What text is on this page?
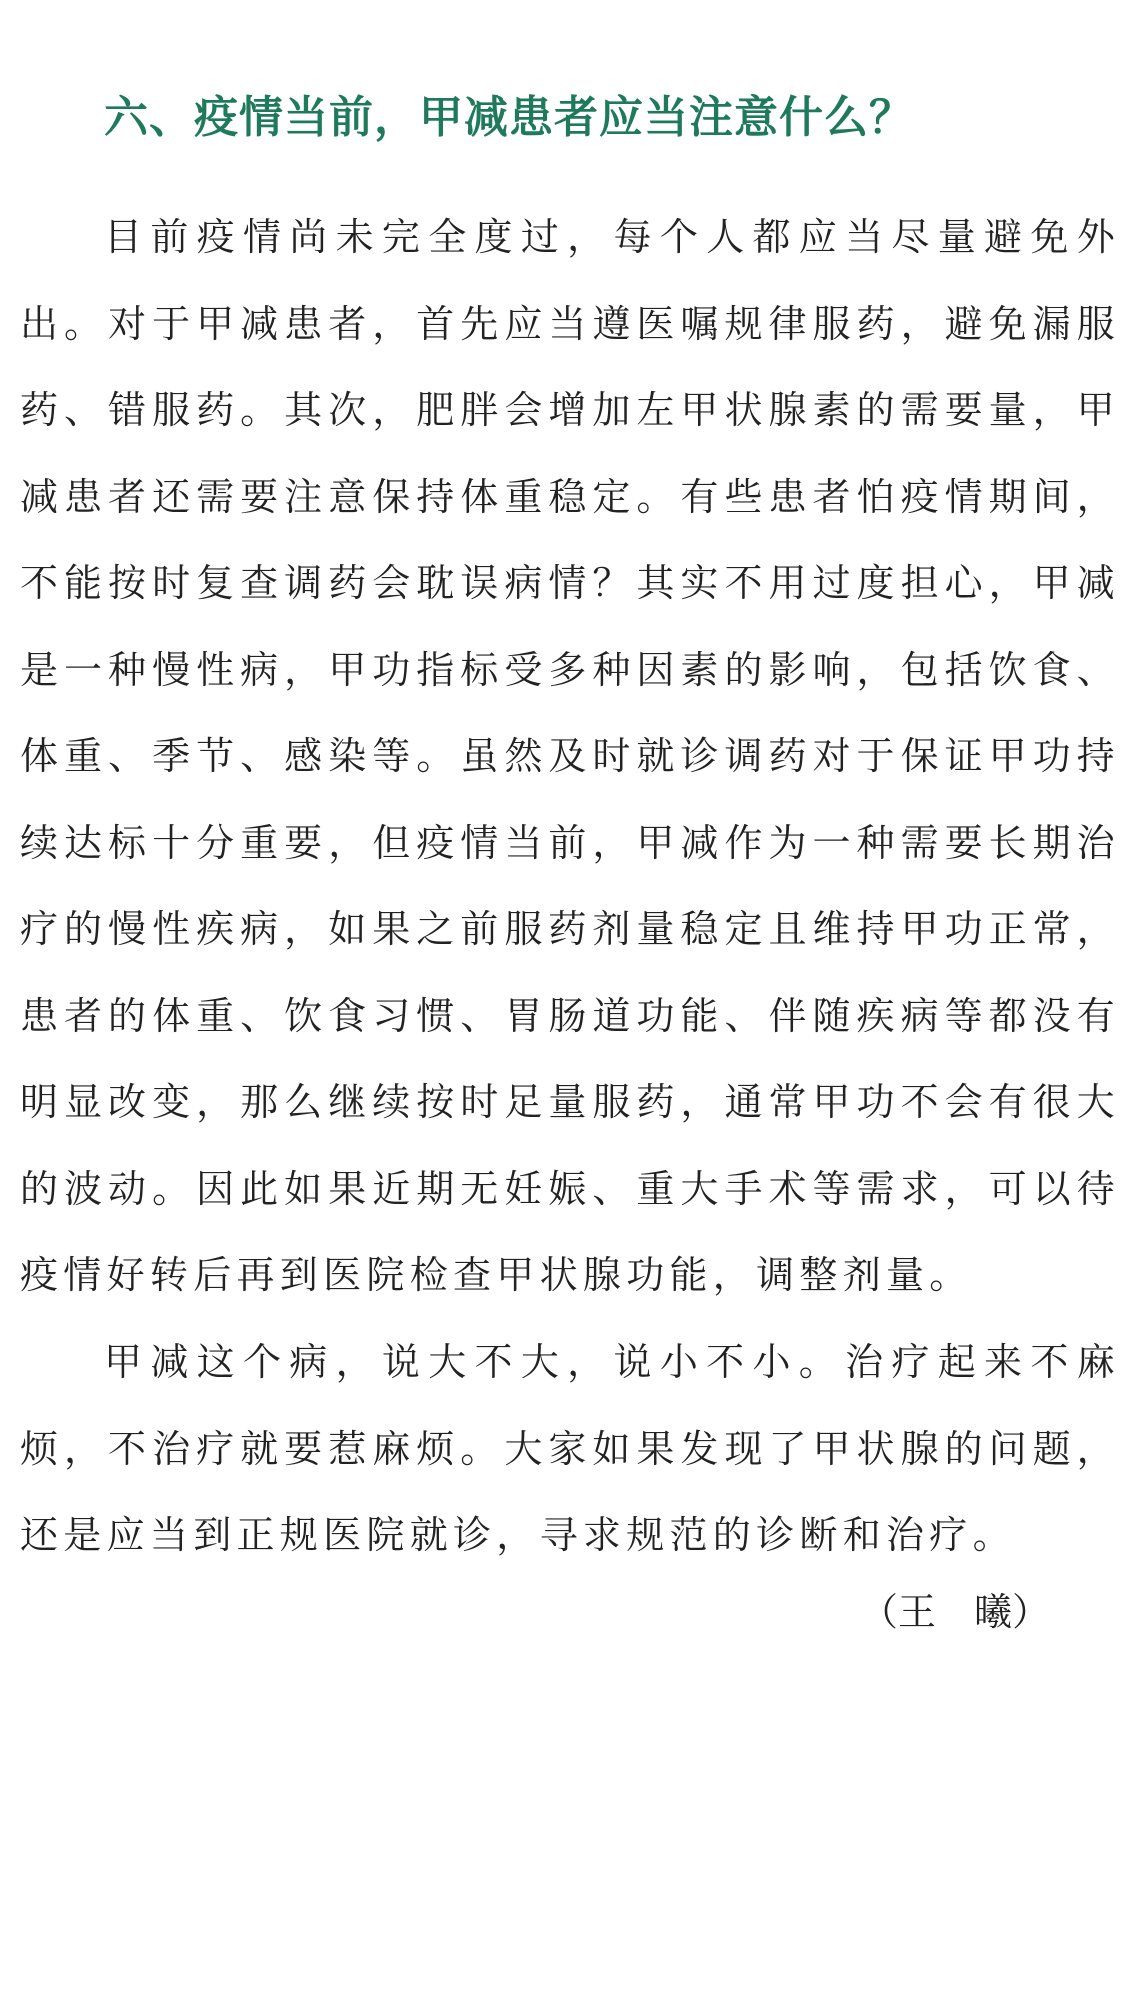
六、疫情当前，甲减患者应当注意什么？

目前疫情尚未完全度过，每个人都应当尽量避免外出。对于甲减患者，首先应当遵医嘱规律服药，避免漏服药、错服药。其次，肥胖会增加左甲状腺素的需要量，甲减患者还需要注意保持体重稳定。有些患者怕疫情期间，不能按时复查调药会耽误病情？其实不用过度担心，甲减是一种慢性病，甲功指标受多种因素的影响，包括饮食、体重、季节、感染等。虽然及时就诊调药对于保证甲功持续达标十分重要，但疫情当前，甲减作为一种需要长期治疗的慢性疾病，如果之前服药剂量稳定且维持甲功正常，患者的体重、饮食习惯、胃肠道功能、伴随疾病等都没有明显改变，那么继续按时足量服药，通常甲功不会有很大的波动。因此如果近期无妊娠、重大手术等需求，可以待疫情好转后再到医院检查甲状腺功能，调整剂量。

甲减这个病，说大不大，说小不小。治疗起来不麻烦，不治疗就要惹麻烦。大家如果发现了甲状腺的问题，还是应当到正规医院就诊，寻求规范的诊断和治疗。

（王　曦）
